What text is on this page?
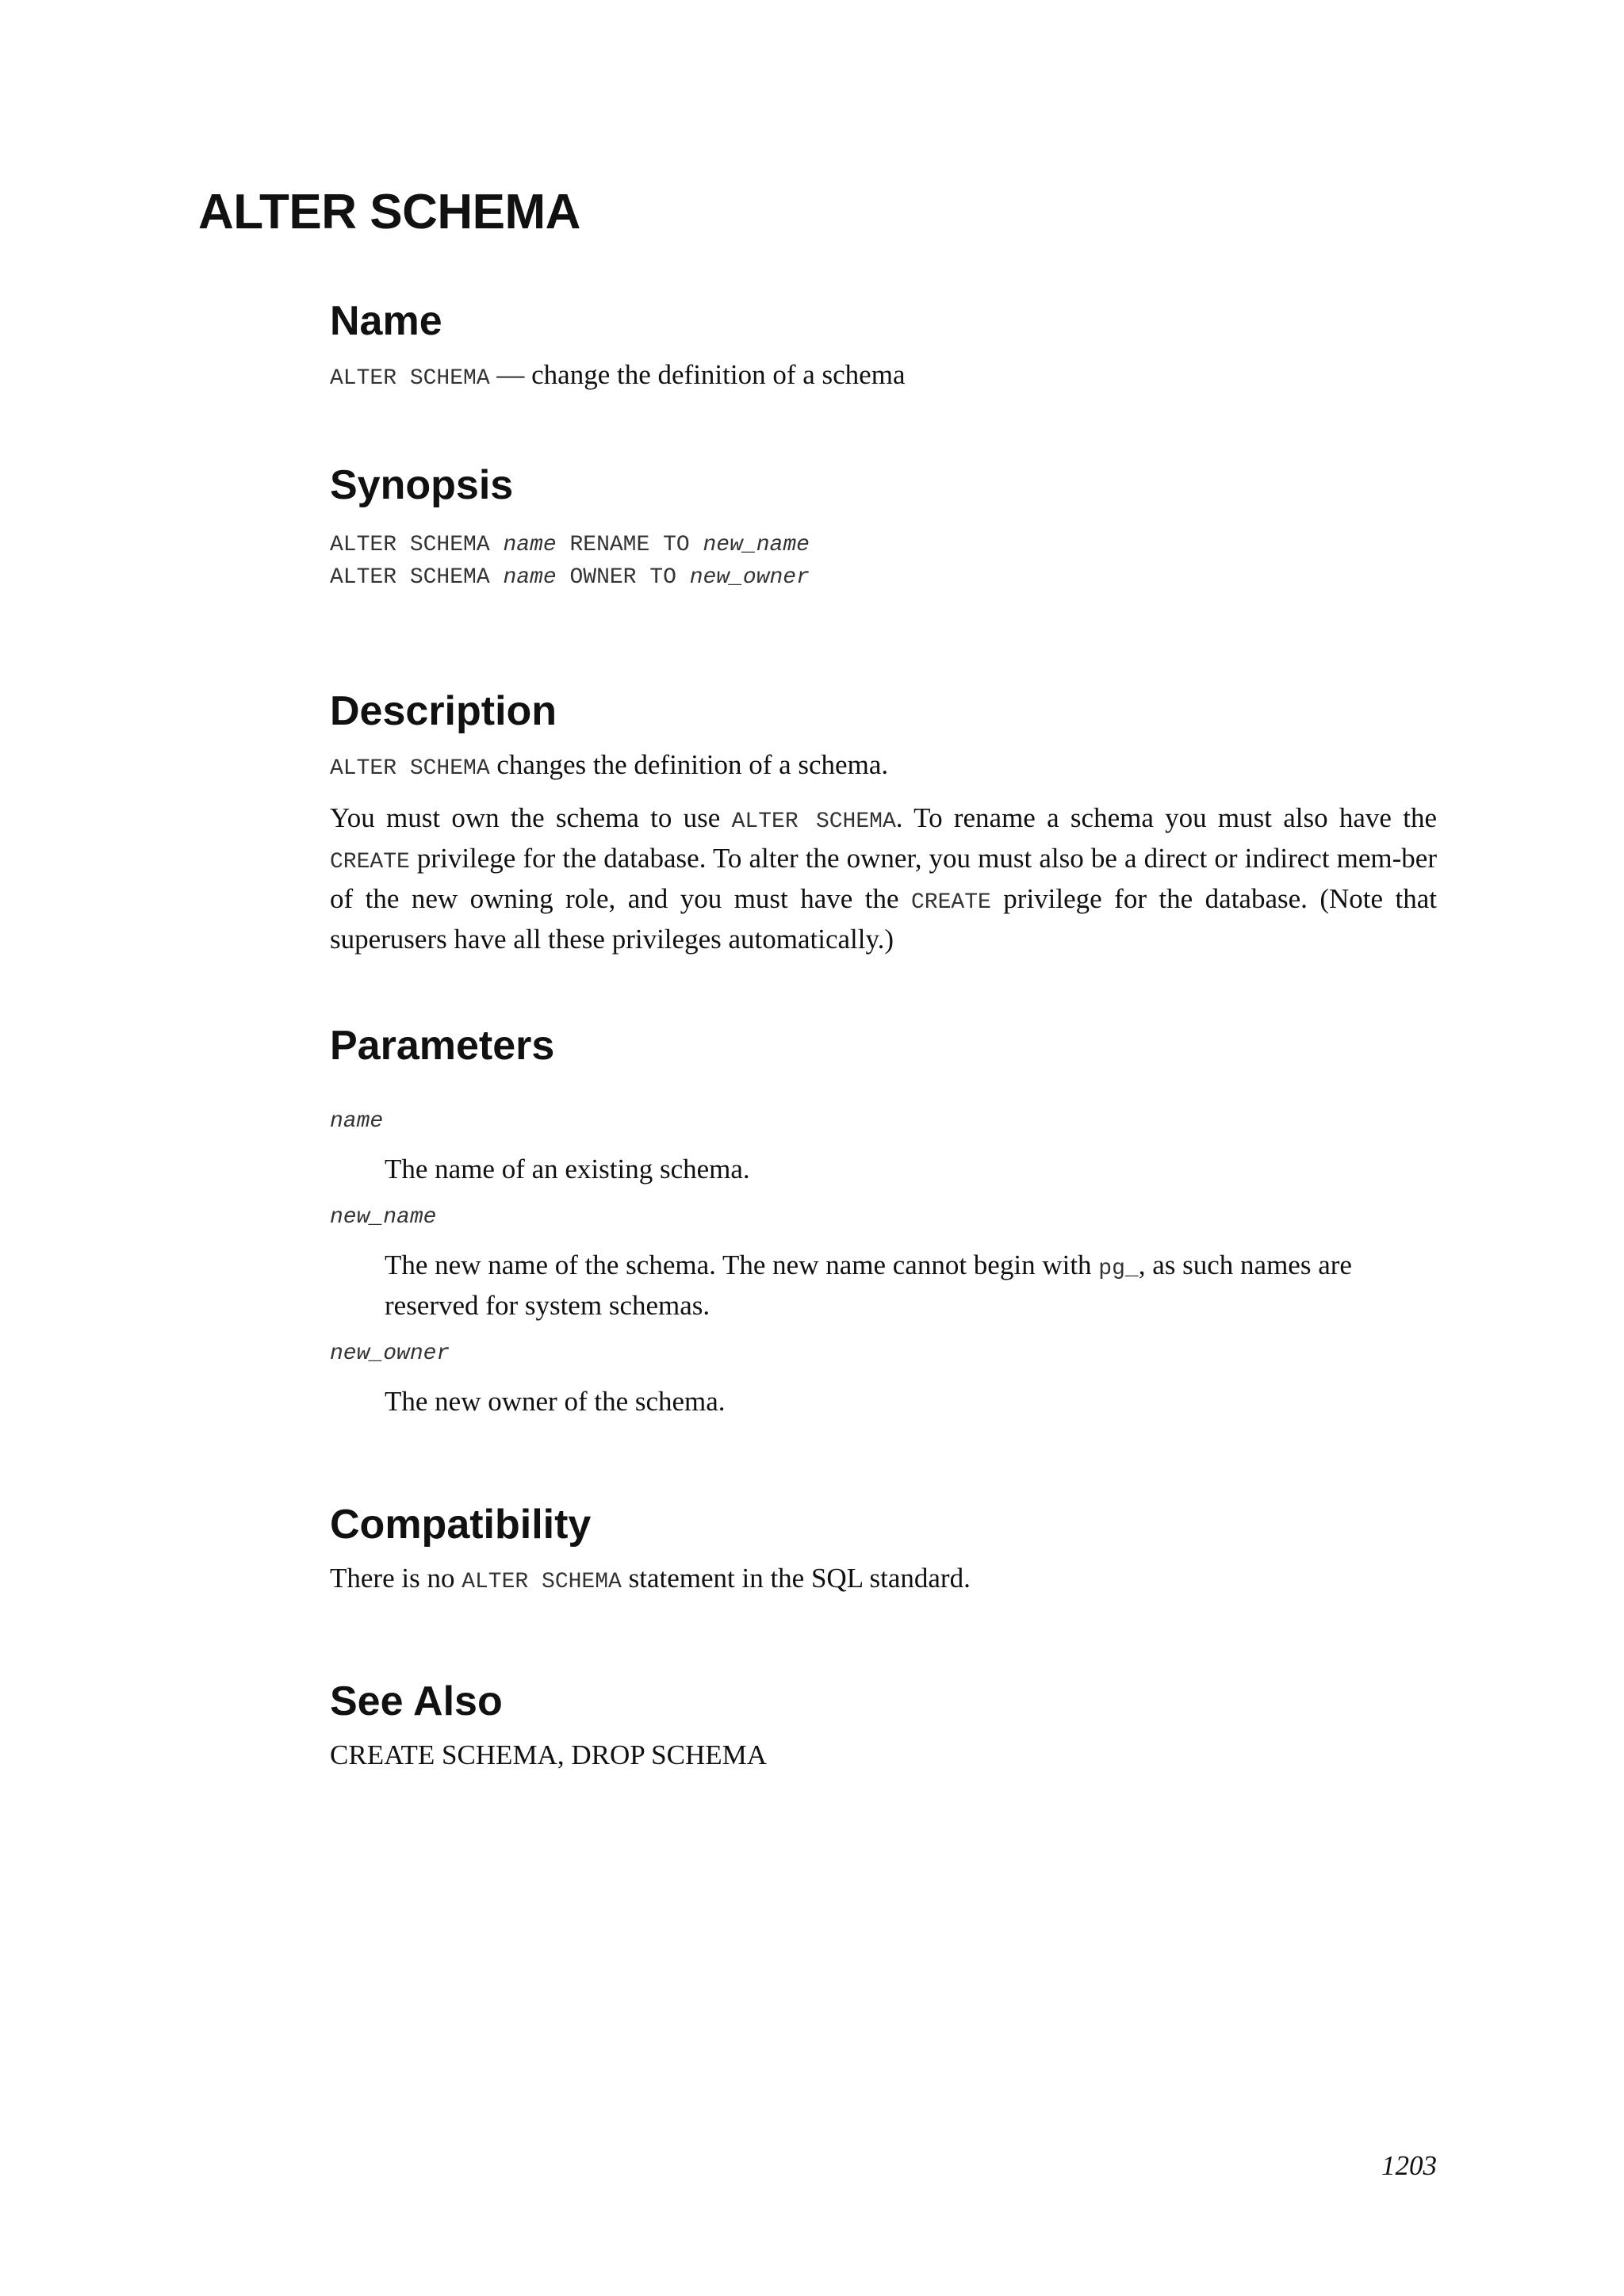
ALTER SCHEMA
Name

ALTER SCHEMA — change the definition of a schema

Synopsis

ALTER SCHEMA name RENAME TO new_name

ALTER SCHEMA name OWNER TO new_owner

Description

ALTER SCHEMA changes the definition of a schema.

You must own the schema to use ALTER SCHEMA. To rename a schema you must also have the CREATE privilege for the database. To alter the owner, you must also be a direct or indirect mem-ber of the new owning role, and you must have the CREATE privilege for the database. (Note that superusers have all these privileges automatically.)

Parameters

name

The name of an existing schema.

new_name

The new name of the schema. The new name cannot begin with pg_, as such names are reserved for system schemas.

new_owner

The new owner of the schema.

Compatibility

There is no ALTER SCHEMA statement in the SQL standard.

See Also

CREATE SCHEMA, DROP SCHEMA

1203
